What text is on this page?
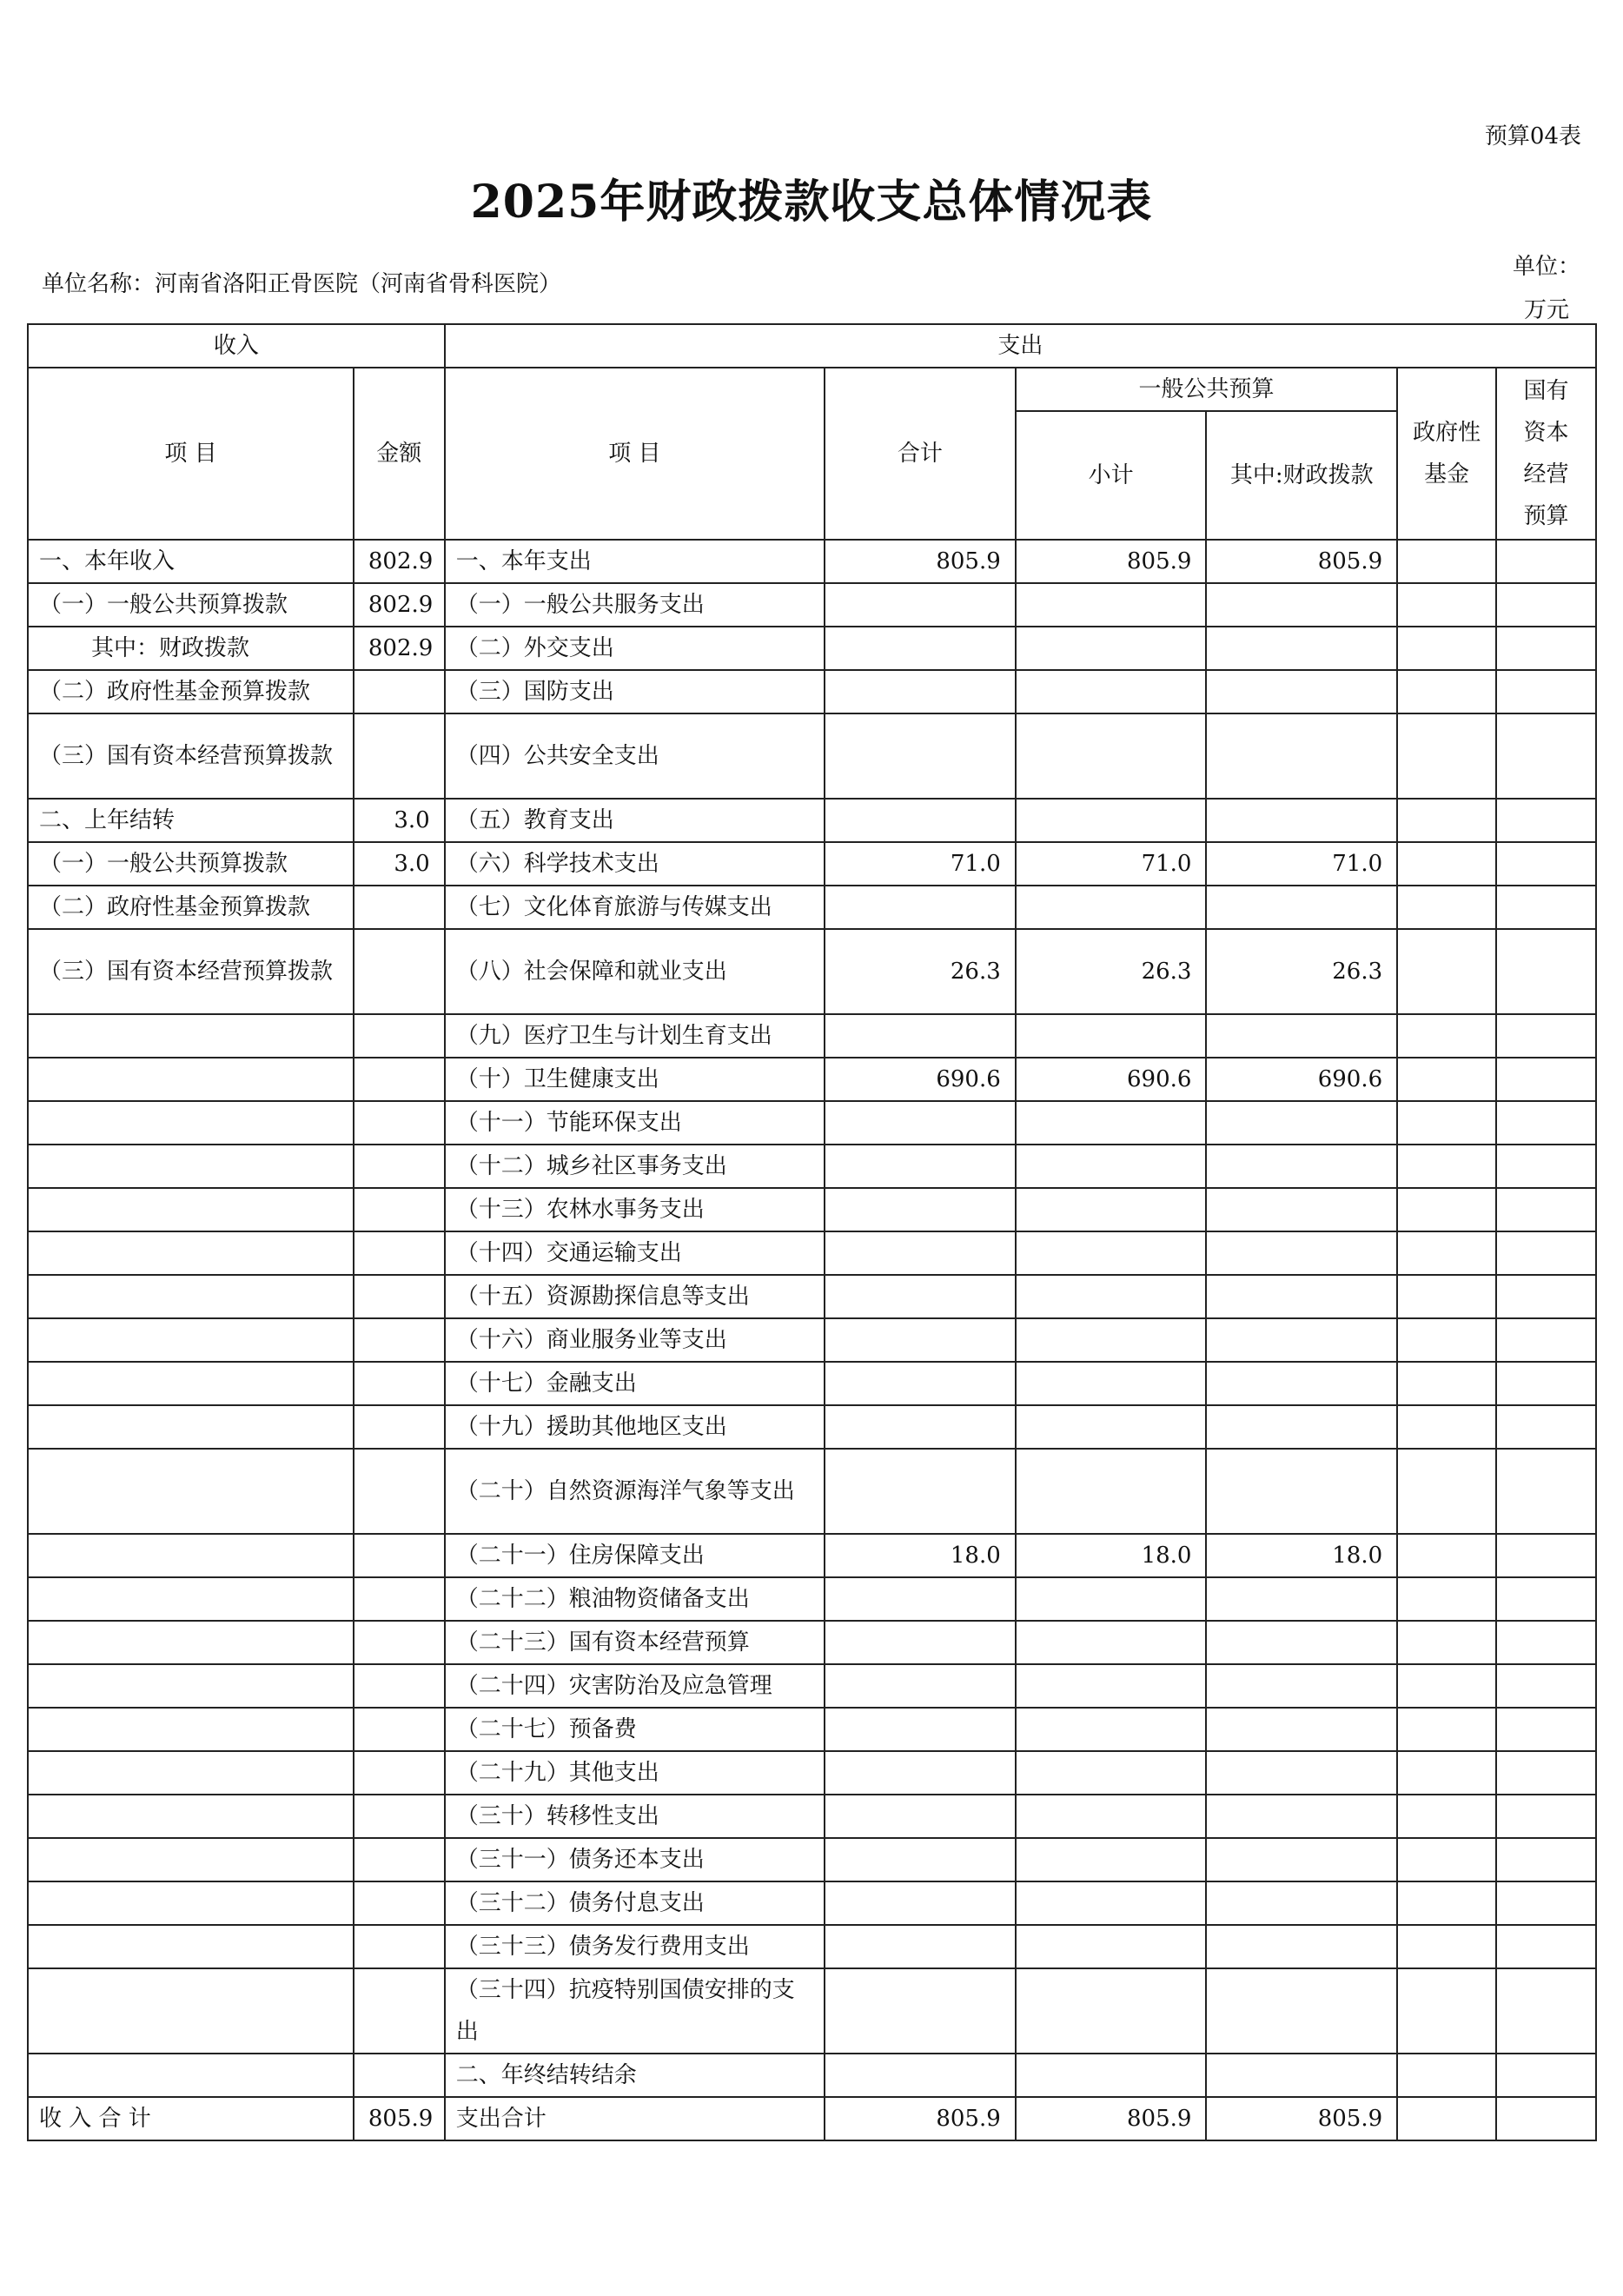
预算04表
2025年财政拨款收支总体情况表
单位名称：河南省洛阳正骨医院（河南省骨科医院）
单位：万元
收入		支出					
项 目	金额	项 目	合计	一般公共预算		政府性基金	国有资本经营预算

				小计	其中:财政拨款		
一、本年收入	802.9	一、本年支出	805.9	805.9	805.9		
（一）一般公共预算拨款	802.9	（一）一般公共服务支出					
其中：财政拨款	802.9	（二）外交支出					
（二）政府性基金预算拨款		（三）国防支出					
（三）国有资本经营预算拨款		（四）公共安全支出					
二、上年结转	3.0	（五）教育支出					
（一）一般公共预算拨款	3.0	（六）科学技术支出	71.0	71.0	71.0		
（二）政府性基金预算拨款		（七）文化体育旅游与传媒支出					
（三）国有资本经营预算拨款		（八）社会保障和就业支出	26.3	26.3	26.3		
		（九）医疗卫生与计划生育支出					
		（十）卫生健康支出	690.6	690.6	690.6		
		（十一）节能环保支出					
		（十二）城乡社区事务支出					
		（十三）农林水事务支出					
		（十四）交通运输支出					
		（十五）资源勘探信息等支出					
		（十六）商业服务业等支出					
		（十七）金融支出					
		（十九）援助其他地区支出					
		（二十）自然资源海洋气象等支出					
		（二十一）住房保障支出	18.0	18.0	18.0		
		（二十二）粮油物资储备支出					
		（二十三）国有资本经营预算					
		（二十四）灾害防治及应急管理					
		（二十七）预备费					
		（二十九）其他支出					
		（三十）转移性支出					
		（三十一）债务还本支出					
		（三十二）债务付息支出					
		（三十三）债务发行费用支出					
		（三十四）抗疫特别国债安排的支出					
		二、年终结转结余					
收 入 合 计	805.9	支出合计	805.9	805.9	805.9		
